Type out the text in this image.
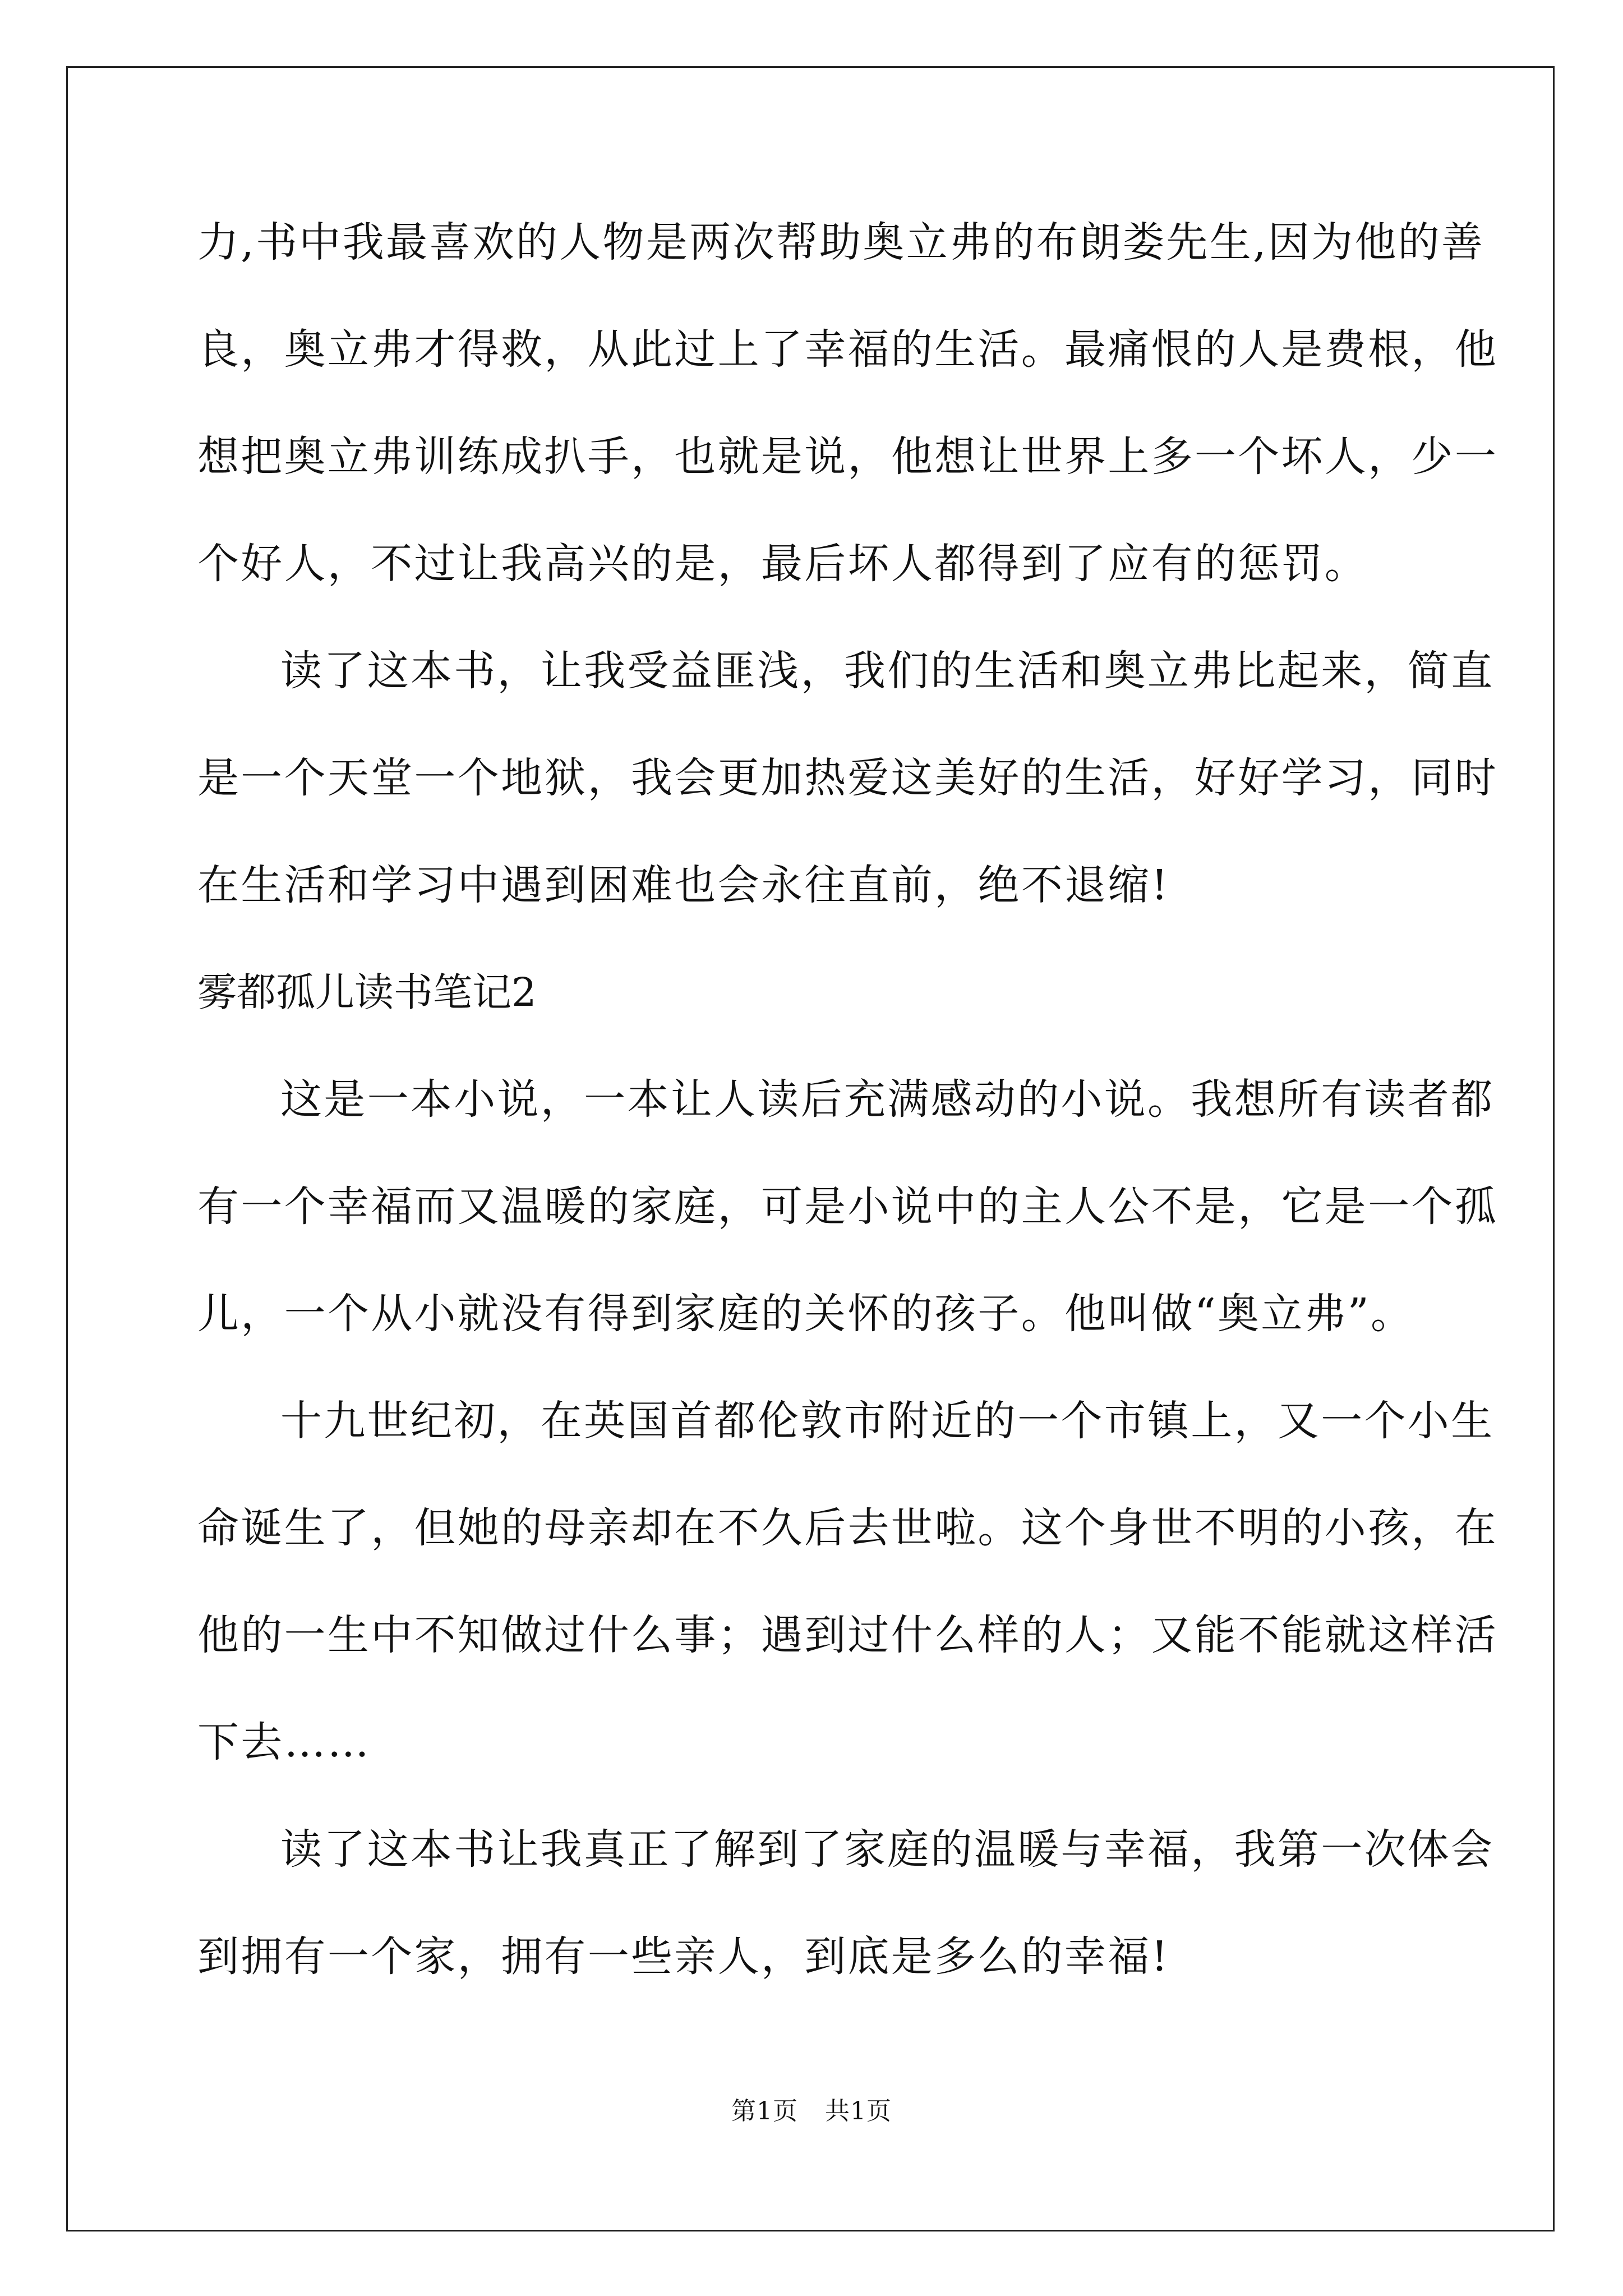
力,书中我最喜欢的人物是两次帮助奥立弗的布朗娄先生,因为他的善
良，奥立弗才得救，从此过上了幸福的生活。最痛恨的人是费根，他
想把奥立弗训练成扒手，也就是说，他想让世界上多一个坏人，少一
个好人，不过让我高兴的是，最后坏人都得到了应有的惩罚。
读了这本书，让我受益匪浅，我们的生活和奥立弗比起来，简直
是一个天堂一个地狱，我会更加热爱这美好的生活，好好学习，同时
在生活和学习中遇到困难也会永往直前，绝不退缩!
雾都孤儿读书笔记2
这是一本小说，一本让人读后充满感动的小说。我想所有读者都
有一个幸福而又温暖的家庭，可是小说中的主人公不是，它是一个孤
儿，一个从小就没有得到家庭的关怀的孩子。他叫做“奥立弗”。
十九世纪初，在英国首都伦敦市附近的一个市镇上，又一个小生
命诞生了，但她的母亲却在不久后去世啦。这个身世不明的小孩，在
他的一生中不知做过什么事；遇到过什么样的人；又能不能就这样活
下去……
读了这本书让我真正了解到了家庭的温暖与幸福，我第一次体会
到拥有一个家，拥有一些亲人，到底是多么的幸福!
第1页 共1页
